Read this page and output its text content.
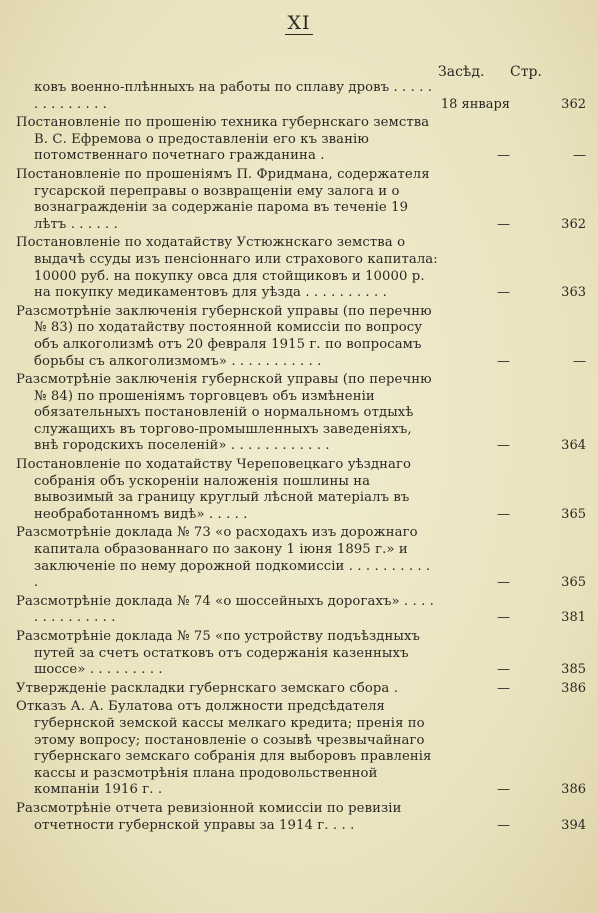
XI
Засѣд. Стр.
ковъ военно-плѣнныхъ на работы по сплаву дровъ . . . . . . . . . . . . . .	18 января	362
Постановленіе по прошенію техника губернскаго земства В. С. Ефремова о предоставленіи его къ званію потомственнаго почетнаго гражданина .	—	—
Постановленіе по прошеніямъ П. Фридмана, содержателя гусарской переправы о возвращеніи ему залога и о вознагражденіи за содержаніе парома въ теченіе 19 лѣтъ . . . . . .	—	362
Постановленіе по ходатайству Устюжнскаго земства о выдачѣ ссуды изъ пенсіоннаго или страхового капитала: 10000 руб. на покупку овса для стойщиковъ и 10000 р. на покупку медикаментовъ для уѣзда . . . . . . . . . .	—	363
Разсмотрѣніе заключенія губернской управы (по перечню № 83) по ходатайству постоянной комиссіи по вопросу объ алкоголизмѣ отъ 20 февраля 1915 г. по вопросамъ борьбы съ алкоголизмомъ» . . . . . . . . . . .	—	—
Разсмотрѣніе заключенія губернской управы (по перечню № 84) по прошеніямъ торговцевъ объ измѣненіи обязательныхъ постановленій о нормальномъ отдыхѣ служащихъ въ торгово-промышленныхъ заведеніяхъ, внѣ городскихъ поселеній» . . . . . . . . . . . .	—	364
Постановленіе по ходатайству Череповецкаго уѣзднаго собранія объ ускореніи наложенія пошлины на вывозимый за границу круглый лѣсной матеріалъ въ необработанномъ видѣ» . . . . .	—	365
Разсмотрѣніе доклада № 73 «о расходахъ изъ дорожнаго капитала образованнаго по закону 1 іюня 1895 г.» и заключеніе по нему дорожной подкомиссіи . . . . . . . . . . .	—	365
Разсмотрѣніе доклада № 74 «о шоссейныхъ дорогахъ» . . . . . . . . . . . . . .	—	381
Разсмотрѣніе доклада № 75 «по устройству подъѣздныхъ путей за счетъ остатковъ отъ содержанія казенныхъ шоссе» . . . . . . . . .	—	385
Утвержденіе раскладки губернскаго земскаго сбора .	—	386
Отказъ А. А. Булатова отъ должности предсѣдателя губернской земской кассы мелкаго кредита; пренія по этому вопросу; постановленіе о созывѣ чрезвычайнаго губернскаго земскаго собранія для выборовъ правленія кассы и разсмотрѣнія плана продовольственной компаніи 1916 г. .	—	386
Разсмотрѣніе отчета ревизіонной комиссіи по ревизіи отчетности губернской управы за 1914 г. . . .	—	394
